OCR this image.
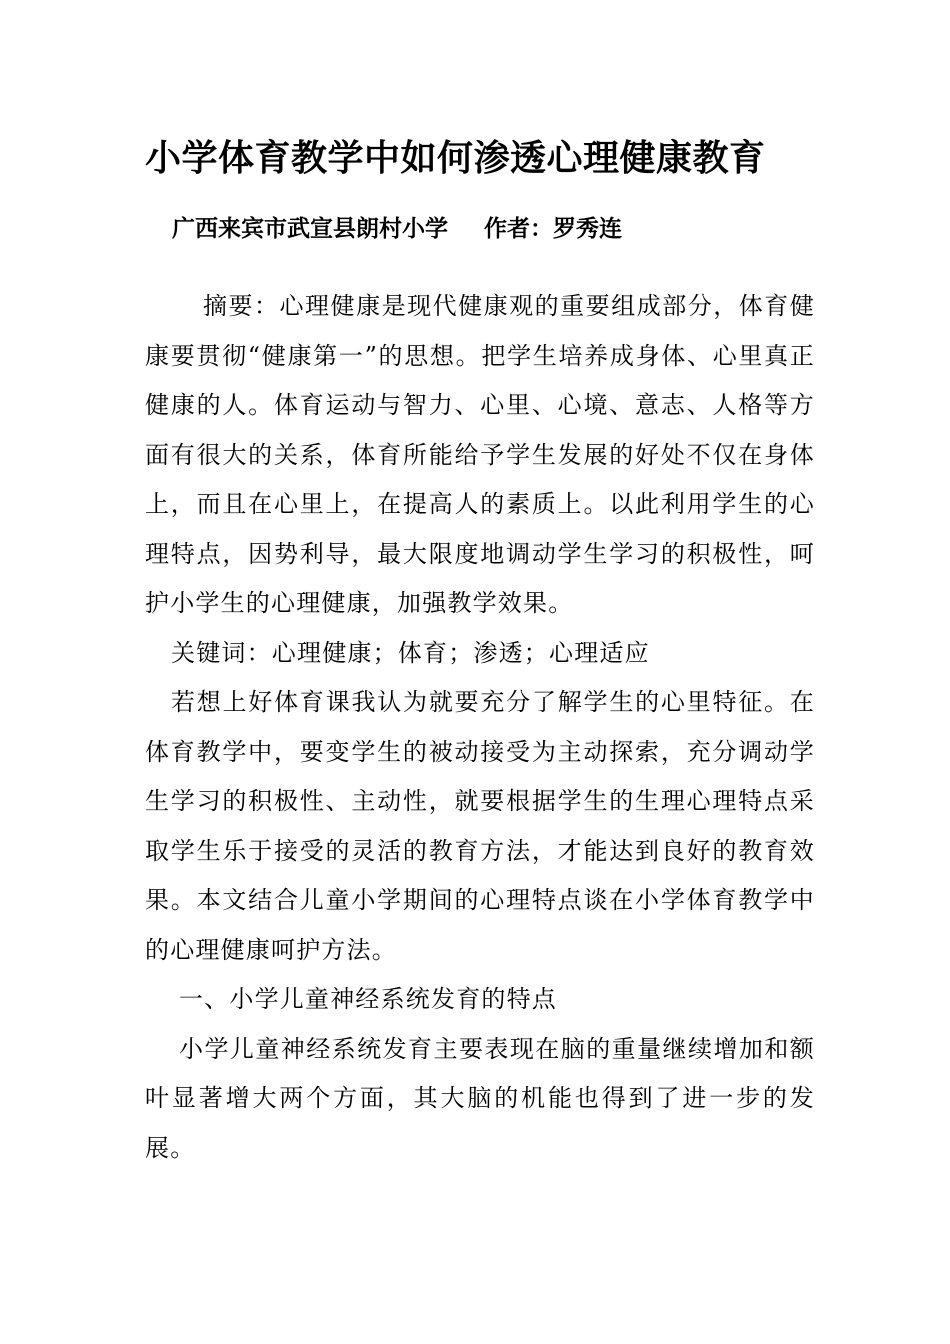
小学体育教学中如何渗透心理健康教育
广西来宾市武宣县朗村小学 作者：罗秀连

摘要：心理健康是现代健康观的重要组成部分，体育健康要贯彻“健康第一”的思想。把学生培养成身体、心里真正健康的人。体育运动与智力、心里、心境、意志、人格等方面有很大的关系，体育所能给予学生发展的好处不仅在身体上，而且在心里上，在提高人的素质上。以此利用学生的心理特点，因势利导，最大限度地调动学生学习的积极性，呵护小学生的心理健康，加强教学效果。

关键词：心理健康；体育；渗透；心理适应

若想上好体育课我认为就要充分了解学生的心里特征。在体育教学中，要变学生的被动接受为主动探索，充分调动学生学习的积极性、主动性，就要根据学生的生理心理特点采取学生乐于接受的灵活的教育方法，才能达到良好的教育效果。本文结合儿童小学期间的心理特点谈在小学体育教学中的心理健康呵护方法。

一、小学儿童神经系统发育的特点

小学儿童神经系统发育主要表现在脑的重量继续增加和额叶显著增大两个方面，其大脑的机能也得到了进一步的发展。
